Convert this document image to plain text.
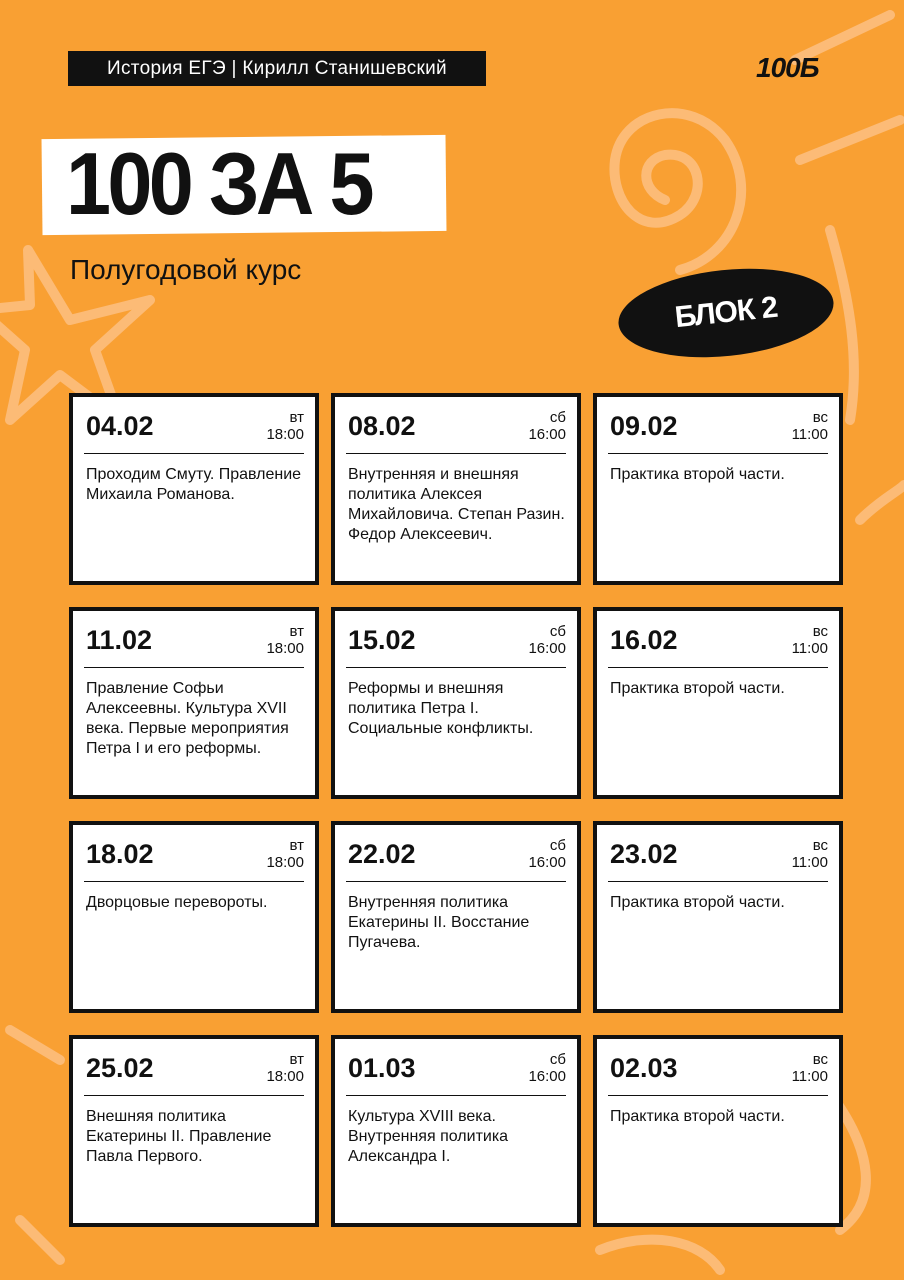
История ЕГЭ | Кирилл Станишевский	100Б
100 ЗА 5
Полугодовой курс
БЛОК 2
04.02	вт
18:00
Проходим Смуту. Правление Михаила Романова.
08.02	сб
16:00
Внутренняя и внешняя политика Алексея Михайловича. Степан Разин. Федор Алексеевич.
09.02	вс
11:00
Практика второй части.
11.02	вт
18:00
Правление Софьи Алексеевны. Культура XVII века. Первые мероприятия Петра I и его реформы.
15.02	сб
16:00
Реформы и внешняя политика Петра I. Социальные конфликты.
16.02	вс
11:00
Практика второй части.
18.02	вт
18:00
Дворцовые перевороты.
22.02	сб
16:00
Внутренняя политика Екатерины II. Восстание Пугачева.
23.02	вс
11:00
Практика второй части.
25.02	вт
18:00
Внешняя политика Екатерины II. Правление Павла Первого.
01.03	сб
16:00
Культура XVIII века. Внутренняя политика Александра I.
02.03	вс
11:00
Практика второй части.
